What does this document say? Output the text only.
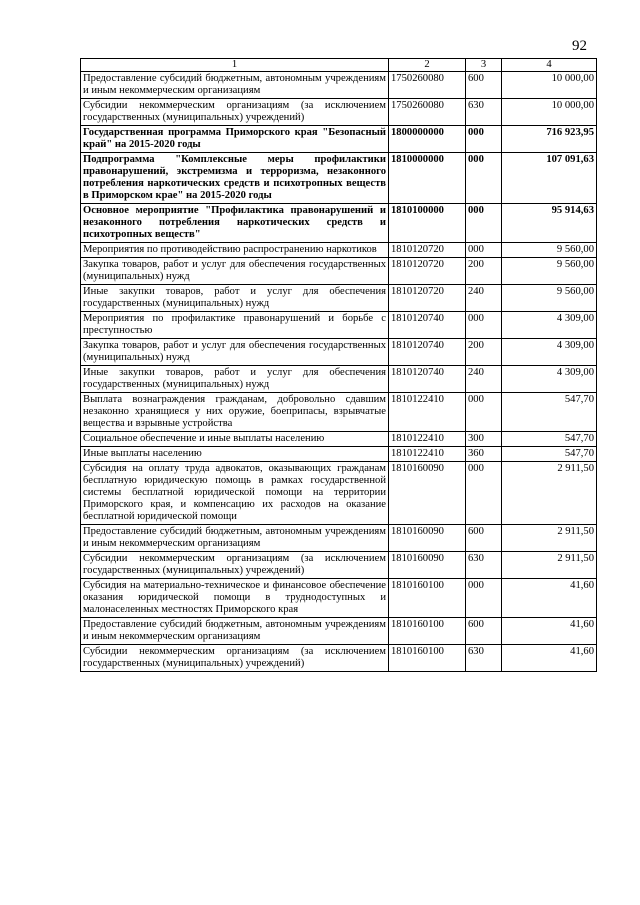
92
1	2	3	4
Предоставление субсидий бюджетным, автономным учреждениям и иным некоммерческим организациям	1750260080	600	10 000,00
Субсидии некоммерческим организациям (за исключением государственных (муниципальных) учреждений)	1750260080	630	10 000,00
Государственная программа Приморского края "Безопасный край" на 2015-2020 годы	1800000000	000	716 923,95
Подпрограмма "Комплексные меры профилактики правонарушений, экстремизма и терроризма, незаконного потребления наркотических средств и психотропных веществ в Приморском крае" на 2015-2020 годы	1810000000	000	107 091,63
Основное мероприятие "Профилактика правонарушений и незаконного потребления наркотических средств и психотропных веществ"	1810100000	000	95 914,63
Мероприятия по противодействию распространению наркотиков	1810120720	000	9 560,00
Закупка товаров, работ и услуг для обеспечения государственных (муниципальных) нужд	1810120720	200	9 560,00
Иные закупки товаров, работ и услуг для обеспечения государственных (муниципальных) нужд	1810120720	240	9 560,00
Мероприятия по профилактике правонарушений и борьбе с преступностью	1810120740	000	4 309,00
Закупка товаров, работ и услуг для обеспечения государственных (муниципальных) нужд	1810120740	200	4 309,00
Иные закупки товаров, работ и услуг для обеспечения государственных (муниципальных) нужд	1810120740	240	4 309,00
Выплата вознаграждения гражданам, добровольно сдавшим незаконно хранящиеся у них оружие, боеприпасы, взрывчатые вещества и взрывные устройства	1810122410	000	547,70
Социальное обеспечение и иные выплаты населению	1810122410	300	547,70
Иные выплаты населению	1810122410	360	547,70
Субсидия на оплату труда адвокатов, оказывающих гражданам бесплатную юридическую помощь в рамках государственной системы бесплатной юридической помощи на территории Приморского края, и компенсацию их расходов на оказание бесплатной юридической помощи	1810160090	000	2 911,50
Предоставление субсидий бюджетным, автономным учреждениям и иным некоммерческим организациям	1810160090	600	2 911,50
Субсидии некоммерческим организациям (за исключением государственных (муниципальных) учреждений)	1810160090	630	2 911,50
Субсидия на материально-техническое и финансовое обеспечение оказания юридической помощи в труднодоступных и малонаселенных местностях Приморского края	1810160100	000	41,60
Предоставление субсидий бюджетным, автономным учреждениям и иным некоммерческим организациям	1810160100	600	41,60
Субсидии некоммерческим организациям (за исключением государственных (муниципальных) учреждений)	1810160100	630	41,60
